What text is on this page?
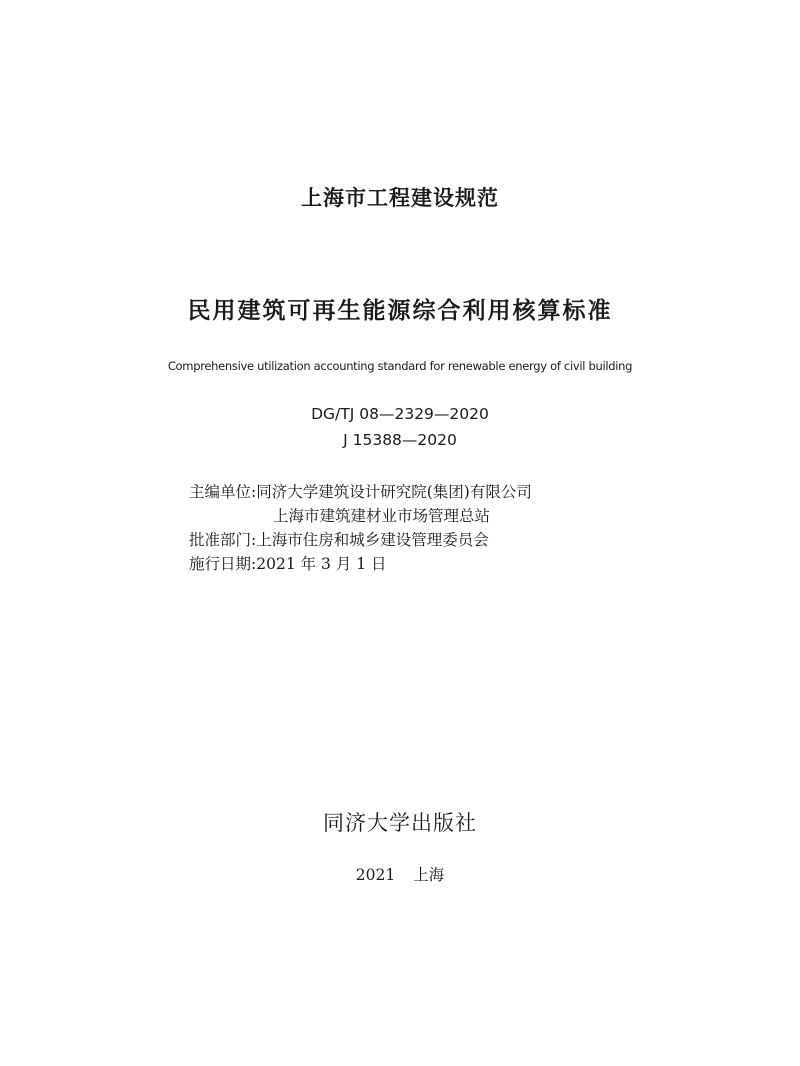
上海市工程建设规范
民用建筑可再生能源综合利用核算标准
Comprehensive utilization accounting standard for renewable energy of civil building
DG/TJ 08—2329—2020
J 15388—2020
主编单位:同济大学建筑设计研究院(集团)有限公司
上海市建筑建材业市场管理总站
批准部门:上海市住房和城乡建设管理委员会
施行日期:2021 年 3 月 1 日
同济大学出版社
2021 上海
